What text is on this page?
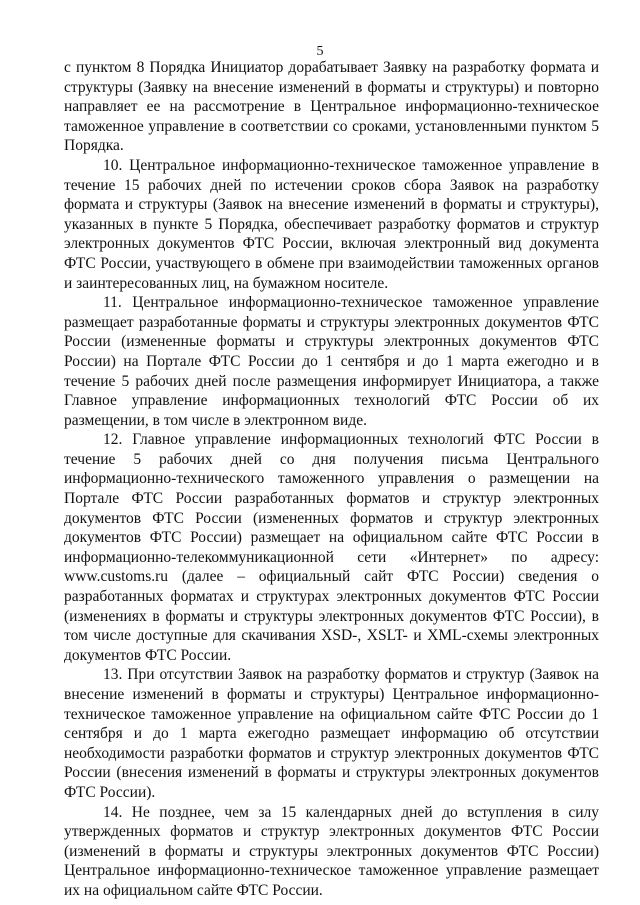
5

с пунктом 8 Порядка Инициатор дорабатывает Заявку на разработку формата и структуры (Заявку на внесение изменений в форматы и структуры) и повторно направляет ее на рассмотрение в Центральное информационно-техническое таможенное управление в соответствии со сроками, установленными пунктом 5 Порядка.

10. Центральное информационно-техническое таможенное управление в течение 15 рабочих дней по истечении сроков сбора Заявок на разработку формата и структуры (Заявок на внесение изменений в форматы и структуры), указанных в пункте 5 Порядка, обеспечивает разработку форматов и структур электронных документов ФТС России, включая электронный вид документа ФТС России, участвующего в обмене при взаимодействии таможенных органов и заинтересованных лиц, на бумажном носителе.

11. Центральное информационно-техническое таможенное управление размещает разработанные форматы и структуры электронных документов ФТС России (измененные форматы и структуры электронных документов ФТС России) на Портале ФТС России до 1 сентября и до 1 марта ежегодно и в течение 5 рабочих дней после размещения информирует Инициатора, а также Главное управление информационных технологий ФТС России об их размещении, в том числе в электронном виде.

12. Главное управление информационных технологий ФТС России в течение 5 рабочих дней со дня получения письма Центрального информационно-технического таможенного управления о размещении на Портале ФТС России разработанных форматов и структур электронных документов ФТС России (измененных форматов и структур электронных документов ФТС России) размещает на официальном сайте ФТС России в информационно-телекоммуникационной сети «Интернет» по адресу: www.customs.ru (далее – официальный сайт ФТС России) сведения о разработанных форматах и структурах электронных документов ФТС России (изменениях в форматы и структуры электронных документов ФТС России), в том числе доступные для скачивания XSD-, XSLT- и XML-схемы электронных документов ФТС России.

13. При отсутствии Заявок на разработку форматов и структур (Заявок на внесение изменений в форматы и структуры) Центральное информационно-техническое таможенное управление на официальном сайте ФТС России до 1 сентября и до 1 марта ежегодно размещает информацию об отсутствии необходимости разработки форматов и структур электронных документов ФТС России (внесения изменений в форматы и структуры электронных документов ФТС России).

14. Не позднее, чем за 15 календарных дней до вступления в силу утвержденных форматов и структур электронных документов ФТС России (изменений в форматы и структуры электронных документов ФТС России) Центральное информационно-техническое таможенное управление размещает их на официальном сайте ФТС России.
